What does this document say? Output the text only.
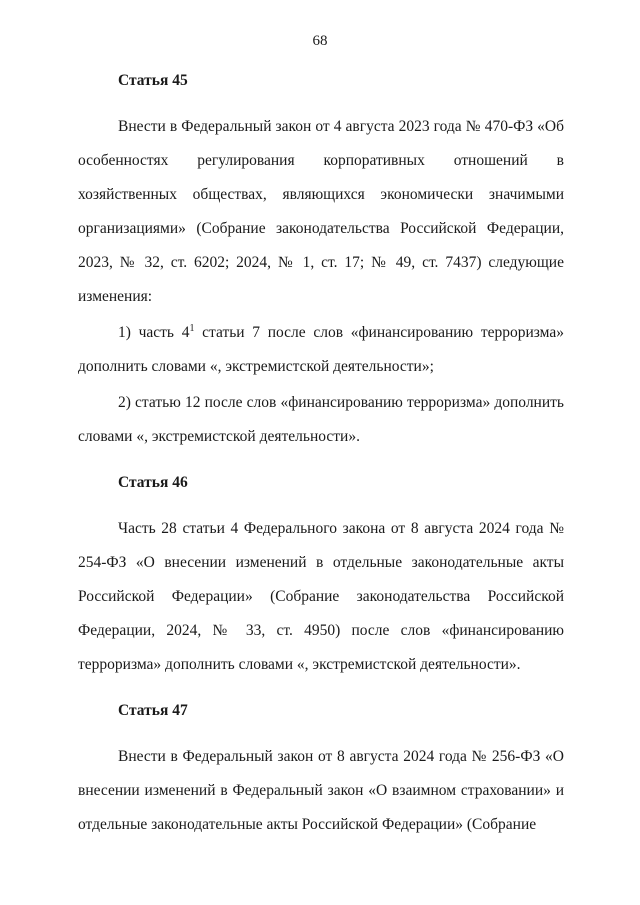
68
Статья 45

Внести в Федеральный закон от 4 августа 2023 года № 470-ФЗ «Об особенностях регулирования корпоративных отношений в хозяйственных обществах, являющихся экономически значимыми организациями» (Собрание законодательства Российской Федерации, 2023, № 32, ст. 6202; 2024, № 1, ст. 17; № 49, ст. 7437) следующие изменения:

1) часть $4^1$ статьи 7 после слов «финансированию терроризма» дополнить словами «, экстремистской деятельности»;

2) статью 12 после слов «финансированию терроризма» дополнить словами «, экстремистской деятельности».

Статья 46

Часть 28 статьи 4 Федерального закона от 8 августа 2024 года № 254-ФЗ «О внесении изменений в отдельные законодательные акты Российской Федерации» (Собрание законодательства Российской Федерации, 2024, № 33, ст. 4950) после слов «финансированию терроризма» дополнить словами «, экстремистской деятельности».

Статья 47

Внести в Федеральный закон от 8 августа 2024 года № 256-ФЗ «О внесении изменений в Федеральный закон «О взаимном страховании» и отдельные законодательные акты Российской Федерации» (Собрание
